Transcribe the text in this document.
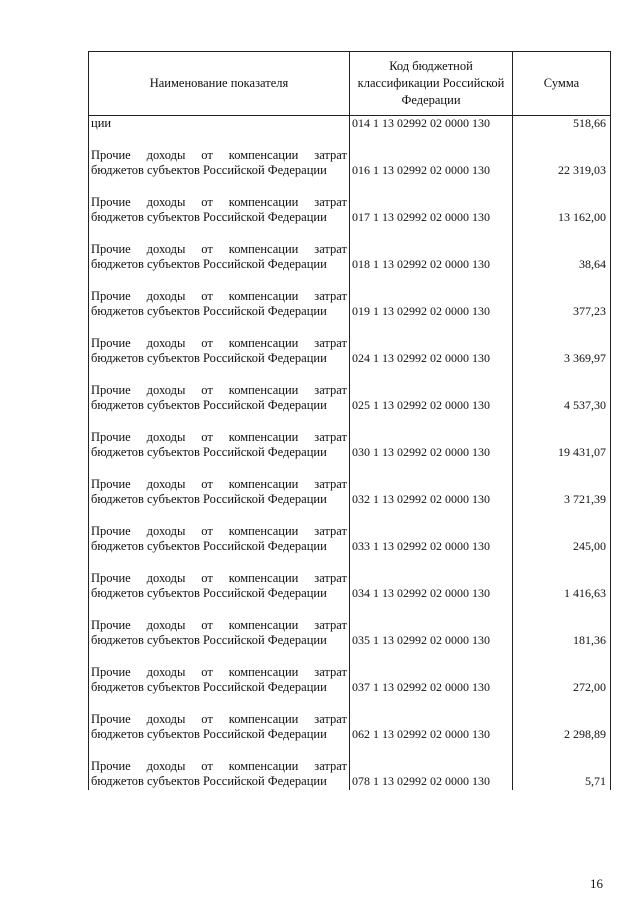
Наименование показателя	Код бюджетной классификации Российской Федерации	Сумма
ции	014 1 13 02992 02 0000 130	518,66

Прочие доходы от компенсации затрат бюджетов субъектов Российской Федерации	016 1 13 02992 02 0000 130	22 319,03

Прочие доходы от компенсации затрат бюджетов субъектов Российской Федерации	017 1 13 02992 02 0000 130	13 162,00

Прочие доходы от компенсации затрат бюджетов субъектов Российской Федерации	018 1 13 02992 02 0000 130	38,64

Прочие доходы от компенсации затрат бюджетов субъектов Российской Федерации	019 1 13 02992 02 0000 130	377,23

Прочие доходы от компенсации затрат бюджетов субъектов Российской Федерации	024 1 13 02992 02 0000 130	3 369,97

Прочие доходы от компенсации затрат бюджетов субъектов Российской Федерации	025 1 13 02992 02 0000 130	4 537,30

Прочие доходы от компенсации затрат бюджетов субъектов Российской Федерации	030 1 13 02992 02 0000 130	19 431,07

Прочие доходы от компенсации затрат бюджетов субъектов Российской Федерации	032 1 13 02992 02 0000 130	3 721,39

Прочие доходы от компенсации затрат бюджетов субъектов Российской Федерации	033 1 13 02992 02 0000 130	245,00

Прочие доходы от компенсации затрат бюджетов субъектов Российской Федерации	034 1 13 02992 02 0000 130	1 416,63

Прочие доходы от компенсации затрат бюджетов субъектов Российской Федерации	035 1 13 02992 02 0000 130	181,36

Прочие доходы от компенсации затрат бюджетов субъектов Российской Федерации	037 1 13 02992 02 0000 130	272,00

Прочие доходы от компенсации затрат бюджетов субъектов Российской Федерации	062 1 13 02992 02 0000 130	2 298,89

Прочие доходы от компенсации затрат бюджетов субъектов Российской Федерации	078 1 13 02992 02 0000 130	5,71
16
